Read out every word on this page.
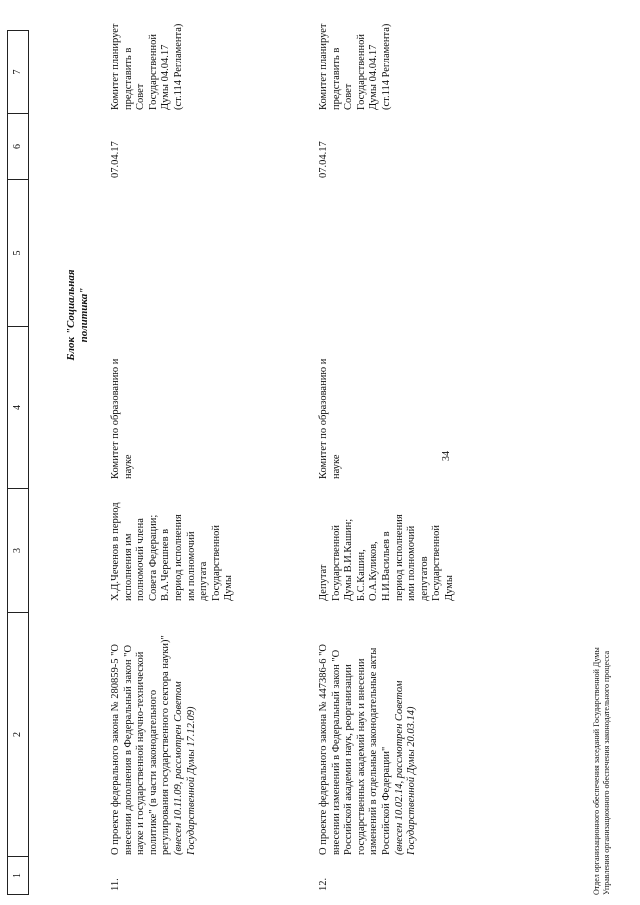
34
1
2
3
4
5
6
7
Блок "Социальная политика"
11.
О проекте федерального закона № 280859-5 "О внесении дополнения в Федеральный закон "О науке и государственной научно-технической политике" (в части законодательного регулирования государственного сектора науки)" (внесен 10.11.09, рассмотрен Советом Государственной Думы 17.12.09)
Х.Д.Чеченов в период исполнения им полномочий члена Совета Федерации; В.А.Черешнев в период исполнения им полномочий депутата Государственной Думы
Комитет по образованию и науке
07.04.17
Комитет планирует представить в Совет Государственной Думы 04.04.17 (ст.114 Регламента)
12.
О проекте федерального закона № 447386-6 "О внесении изменений в Федеральный закон "О Российской академии наук, реорганизации государственных академий наук и внесении изменений в отдельные законодательные акты Российской Федерации" (внесен 10.02.14, рассмотрен Советом Государственной Думы 20.03.14)
Депутат Государственной Думы В.И.Кашин; Б.С.Кашин, О.А.Куликов, Н.И.Васильев в период исполнения ими полномочий депутатов Государственной Думы
Комитет по образованию и науке
07.04.17
Комитет планирует представить в Совет Государственной Думы 04.04.17 (ст.114 Регламента)
Отдел организационного обеспечения заседаний Государственной Думы Управления организационного обеспечения законодательного процесса
